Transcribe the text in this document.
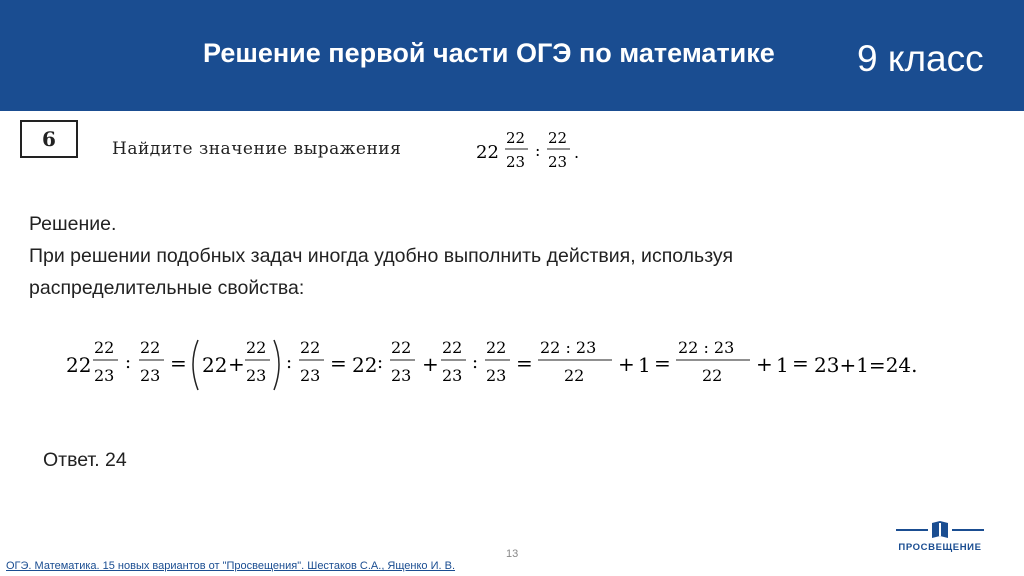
Решение первой части ОГЭ по математике 9 класс
6	Найдите значение выражения	22
22
23
:
22
23 .
Решение.
При решении подобных задач иногда удобно выполнить действия, используя
распределительные свойства:
22
22
23
:
22
23
= 22 +
22
23
:
22
23
= 22 :
22
23 +
22
23
:
22
23
=
22 : 23
22 + 1 =
22 : 23
22 + 1 = 23+1=24.
Ответ. 24
13
ОГЭ. Математика. 15 новых вариантов от "Просвещения". Шестаков С.А., Ященко И. В.
ПРОСВЕЩЕНИЕ
